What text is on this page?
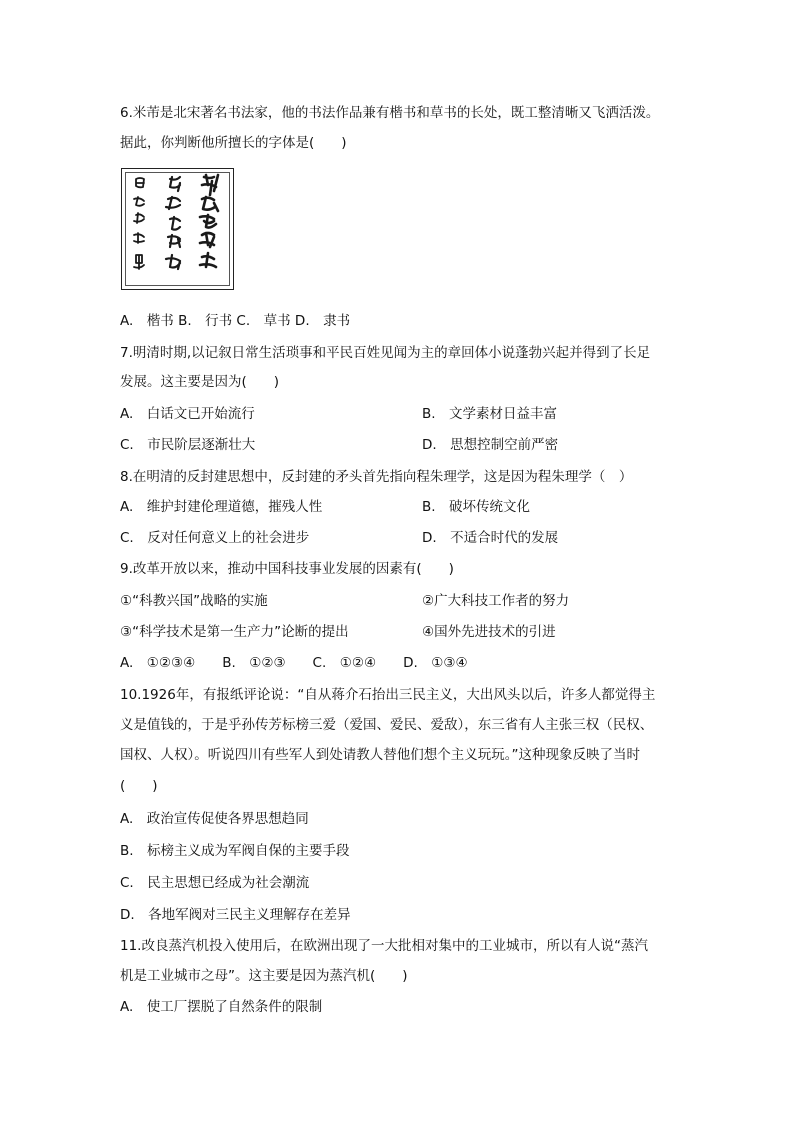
6.米芾是北宋著名书法家，他的书法作品兼有楷书和草书的长处，既工整清晰又飞洒活泼。
据此，你判断他所擅长的字体是(　　)
A.　楷书 B.　行书 C.　草书 D.　隶书
7.明清时期,以记叙日常生活琐事和平民百姓见闻为主的章回体小说蓬勃兴起并得到了长足
发展。这主要是因为(　　)
A.　白话文已开始流行	B.　文学素材日益丰富
C.　市民阶层逐渐壮大	D.　思想控制空前严密
8.在明清的反封建思想中，反封建的矛头首先指向程朱理学，这是因为程朱理学（　）
A.　维护封建伦理道德，摧残人性	B.　破坏传统文化
C.　反对任何意义上的社会进步	D.　不适合时代的发展
9.改革开放以来，推动中国科技事业发展的因素有(　　)
①“科教兴国”战略的实施	②广大科技工作者的努力
③“科学技术是第一生产力”论断的提出	④国外先进技术的引进
A.　①②③④　　B.　①②③　　C.　①②④　　D.　①③④
10.1926年，有报纸评论说：“自从蒋介石抬出三民主义，大出风头以后，许多人都觉得主
义是值钱的，于是乎孙传芳标榜三爱（爱国、爱民、爱敌），东三省有人主张三权（民权、
国权、人权）。听说四川有些军人到处请教人替他们想个主义玩玩。”这种现象反映了当时
(　　)
A.　政治宣传促使各界思想趋同
B.　标榜主义成为军阀自保的主要手段
C.　民主思想已经成为社会潮流
D.　各地军阀对三民主义理解存在差异
11.改良蒸汽机投入使用后，在欧洲出现了一大批相对集中的工业城市，所以有人说“蒸汽
机是工业城市之母”。这主要是因为蒸汽机(　　)
A.　使工厂摆脱了自然条件的限制
